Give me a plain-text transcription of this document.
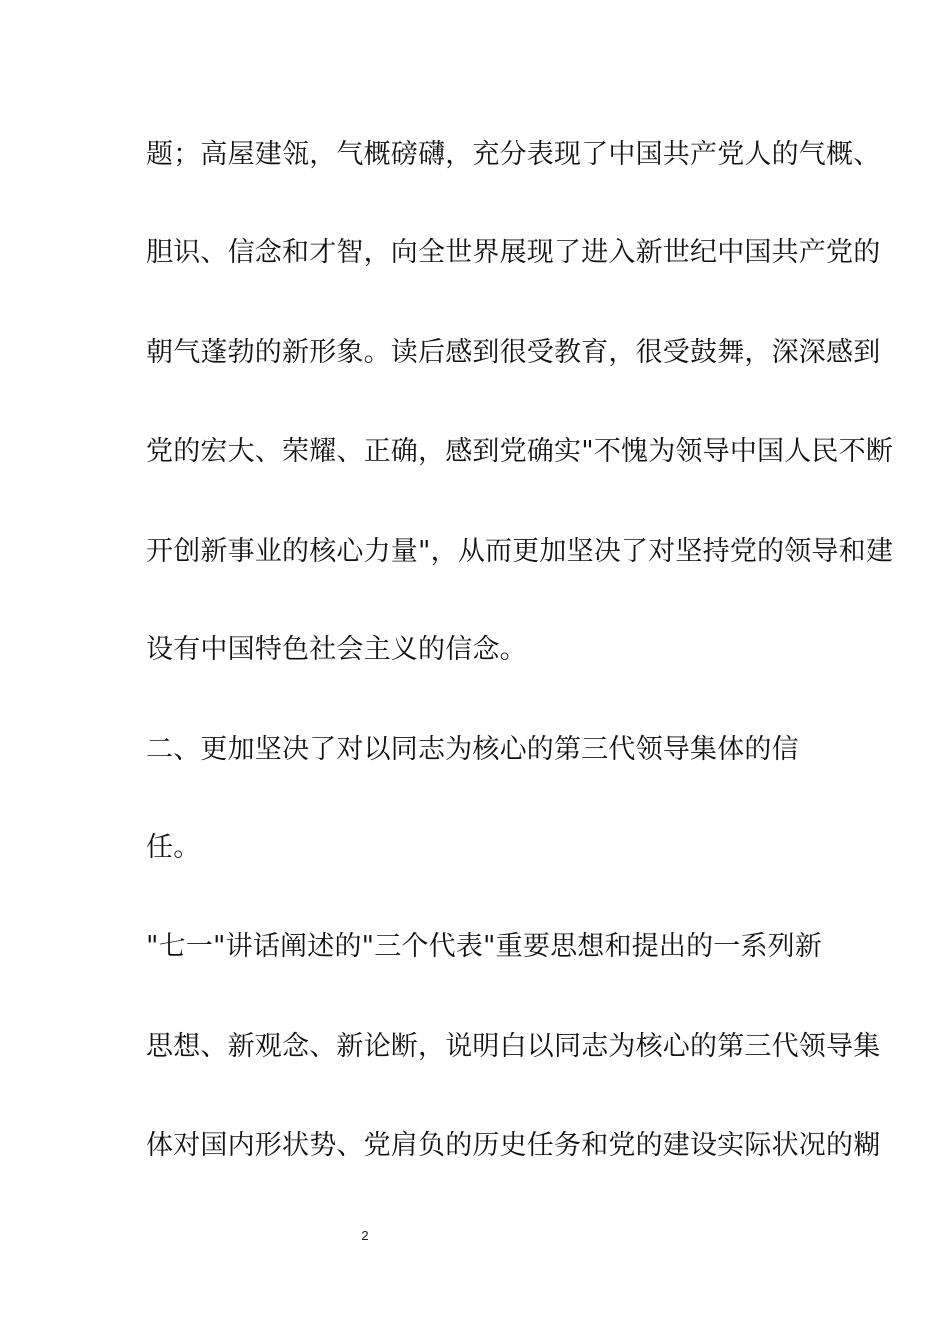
题；高屋建瓴，气概磅礴，充分表现了中国共产党人的气概、
胆识、信念和才智，向全世界展现了进入新世纪中国共产党的
朝气蓬勃的新形象。读后感到很受教育，很受鼓舞，深深感到
党的宏大、荣耀、正确，感到党确实"不愧为领导中国人民不断
开创新事业的核心力量"，从而更加坚决了对坚持党的领导和建
设有中国特色社会主义的信念。
二、更加坚决了对以同志为核心的第三代领导集体的信
任。
"七一"讲话阐述的"三个代表"重要思想和提出的一系列新
思想、新观念、新论断，说明白以同志为核心的第三代领导集
体对国内形状势、党肩负的历史任务和党的建设实际状况的糊
2
